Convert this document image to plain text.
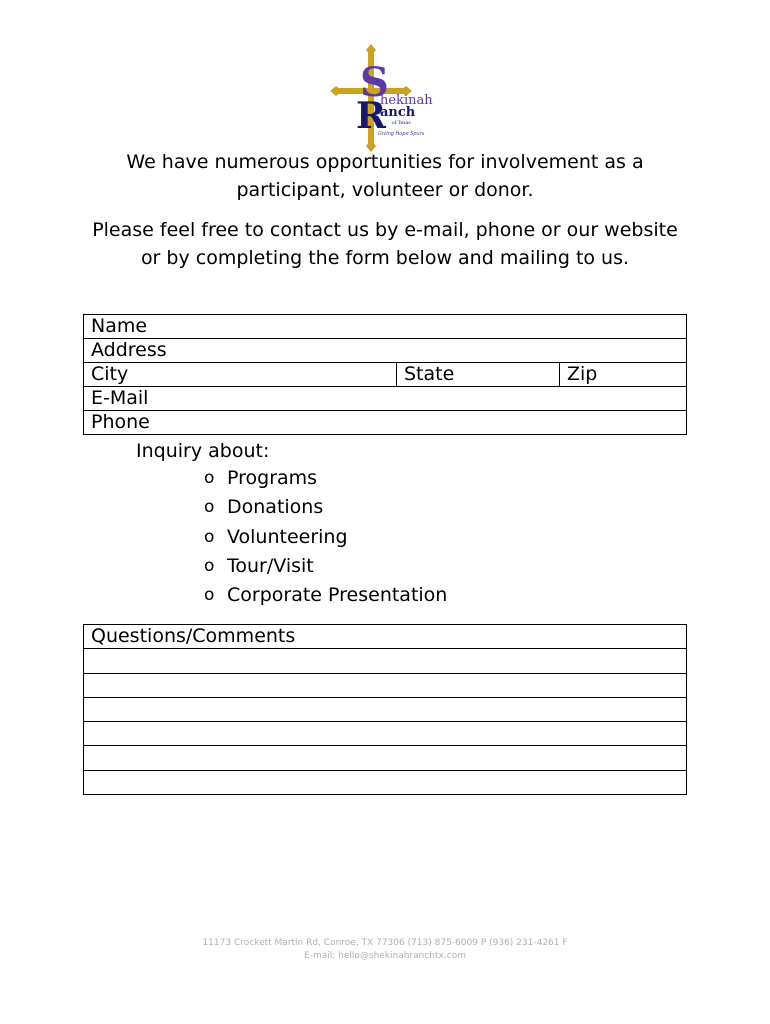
S
R
hekinah
anch
of Texas
Giving Hope Spurs

We have numerous opportunities for involvement as a participant, volunteer or donor.

Please feel free to contact us by e-mail, phone or our website or by completing the form below and mailing to us.

Name
Address
City	State	Zip
E-Mail
Phone
Inquiry about:
o Programs
o Donations
o Volunteering
o Tour/Visit
o Corporate Presentation
Questions/Comments

11173 Crockett Martin Rd, Conroe, TX 77306 (713) 875-6009 P (936) 231-4261 F
E-mail: hello@shekinahranchtx.com
